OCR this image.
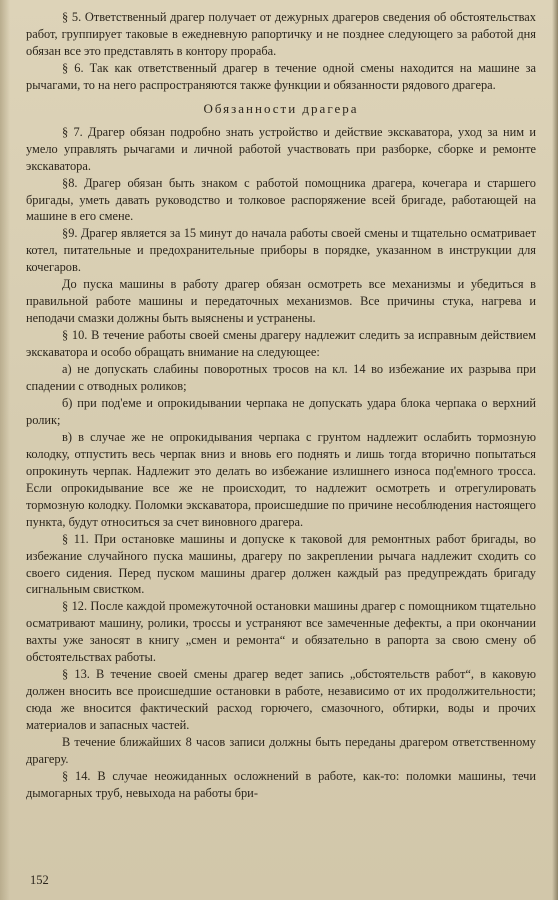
§ 5. Ответственный драгер получает от дежурных драгеров сведения об обстоятельствах работ, группирует таковые в ежедневную рапортичку и не позднее следующего за работой дня обязан все это представлять в контору прораба.

§ 6. Так как ответственный драгер в течение одной смены находится на машине за рычагами, то на него распространяются также функции и обязанности рядового драгера.

Обязанности драгера

§ 7. Драгер обязан подробно знать устройство и действие экскаватора, уход за ним и умело управлять рычагами и личной работой участвовать при разборке, сборке и ремонте экскаватора.

§8. Драгер обязан быть знаком с работой помощника драгера, кочегара и старшего бригады, уметь давать руководство и толковое распоряжение всей бригаде, работающей на машине в его смене.

§9. Драгер является за 15 минут до начала работы своей смены и тщательно осматривает котел, питательные и предохранительные приборы в порядке, указанном в инструкции для кочегаров.

До пуска машины в работу драгер обязан осмотреть все механизмы и убедиться в правильной работе машины и передаточных механизмов. Все причины стука, нагрева и неподачи смазки должны быть выяснены и устранены.

§ 10. В течение работы своей смены драгеру надлежит следить за исправным действием экскаватора и особо обращать внимание на следующее:

а) не допускать слабины поворотных тросов на кл. 14 во избежание их разрыва при спадении с отводных роликов;

б) при под'еме и опрокидывании черпака не допускать удара блока черпака о верхний ролик;

в) в случае же не опрокидывания черпака с грунтом надлежит ослабить тормозную колодку, отпустить весь черпак вниз и вновь его поднять и лишь тогда вторично попытаться опрокинуть черпак. Надлежит это делать во избежание излишнего износа под'емного тросса. Если опрокидывание все же не происходит, то надлежит осмотреть и отрегулировать тормозную колодку. Поломки экскаватора, происшедшие по причине несоблюдения настоящего пункта, будут относиться за счет виновного драгера.

§ 11. При остановке машины и допуске к таковой для ремонтных работ бригады, во избежание случайного пуска машины, драгеру по закреплении рычага надлежит сходить со своего сидения. Перед пуском машины драгер должен каждый раз предупреждать бригаду сигнальным свистком.

§ 12. После каждой промежуточной остановки машины драгер с помощником тщательно осматривают машину, ролики, троссы и устраняют все замеченные дефекты, а при окончании вахты уже заносят в книгу „смен и ремонта“ и обязательно в рапорта за свою смену об обстоятельствах работы.

§ 13. В течение своей смены драгер ведет запись „обстоятельств работ“, в каковую должен вносить все происшедшие остановки в работе, независимо от их продолжительности; сюда же вносится фактический расход горючего, смазочного, обтирки, воды и прочих материалов и запасных частей.

В течение ближайших 8 часов записи должны быть переданы драгером ответственному драгеру.

§ 14. В случае неожиданных осложнений в работе, как-то: поломки машины, течи дымогарных труб, невыхода на работы бри-

152
